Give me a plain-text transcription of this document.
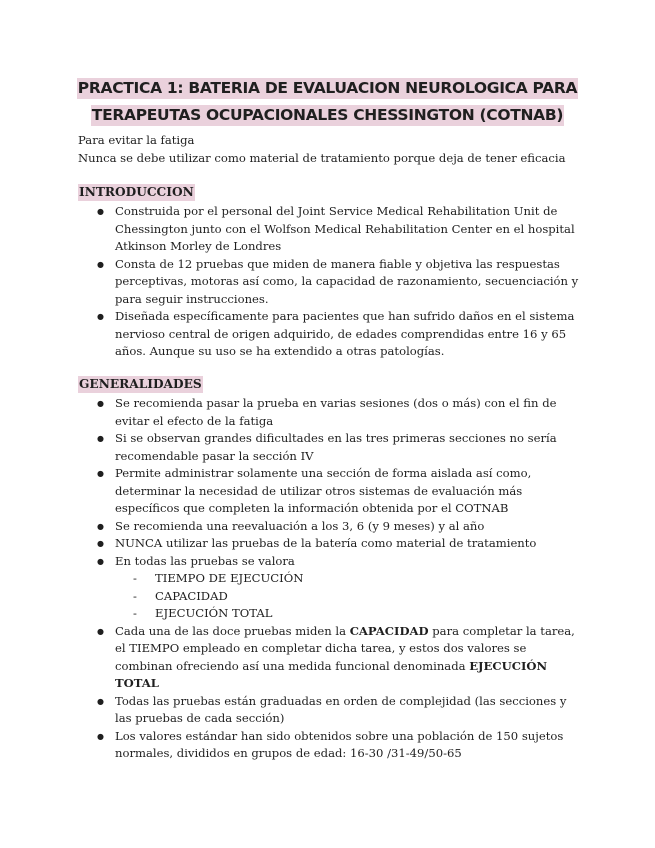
PRACTICA 1: BATERIA DE EVALUACION NEUROLOGICA PARA
TERAPEUTAS OCUPACIONALES CHESSINGTON (COTNAB)
Para evitar la fatiga
Nunca se debe utilizar como material de tratamiento porque deja de tener eficacia
INTRODUCCION
● Construida por el personal del Joint Service Medical Rehabilitation Unit de Chessington junto con el Wolfson Medical Rehabilitation Center en el hospital Atkinson Morley de Londres
● Consta de 12 pruebas que miden de manera fiable y objetiva las respuestas perceptivas, motoras así como, la capacidad de razonamiento, secuenciación y para seguir instrucciones.
● Diseñada específicamente para pacientes que han sufrido daños en el sistema nervioso central de origen adquirido, de edades comprendidas entre 16 y 65 años. Aunque su uso se ha extendido a otras patologías.
GENERALIDADES
● Se recomienda pasar la prueba en varias sesiones (dos o más) con el fin de evitar el efecto de la fatiga
● Si se observan grandes dificultades en las tres primeras secciones no sería recomendable pasar la sección IV
● Permite administrar solamente una sección de forma aislada así como, determinar la necesidad de utilizar otros sistemas de evaluación más específicos que completen la información obtenida por el COTNAB
● Se recomienda una reevaluación a los 3, 6 (y 9 meses) y al año
● NUNCA utilizar las pruebas de la batería como material de tratamiento
● En todas las pruebas se valora
- TIEMPO DE EJECUCIÓN
- CAPACIDAD
- EJECUCIÓN TOTAL
● Cada una de las doce pruebas miden la CAPACIDAD para completar la tarea, el TIEMPO empleado en completar dicha tarea, y estos dos valores se combinan ofreciendo así una medida funcional denominada EJECUCIÓN TOTAL
● Todas las pruebas están graduadas en orden de complejidad (las secciones y las pruebas de cada sección)
● Los valores estándar han sido obtenidos sobre una población de 150 sujetos normales, divididos en grupos de edad: 16-30 /31-49/50-65
